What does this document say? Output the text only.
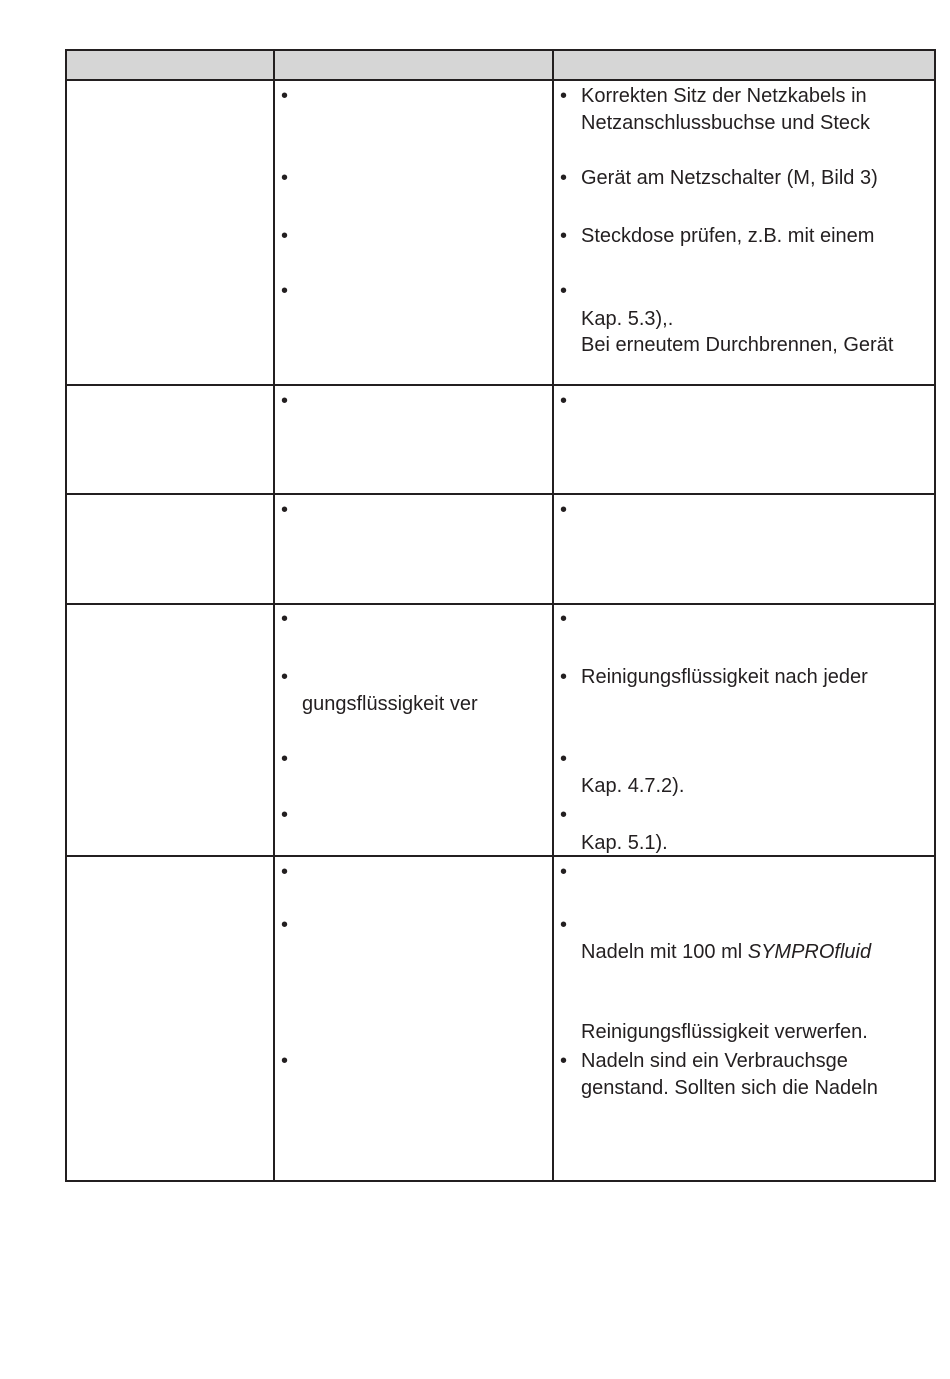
•
•
•
•
• Korrekten Sitz der Netzkabels in
Netzanschlussbuchse und Steck
• Gerät am Netzschalter (M, Bild 3)
• Steckdose prüfen, z.B. mit einem
•
Kap. 5.3),.
Bei erneutem Durchbrennen, Gerät
•	•
•	•
•
•
gungsflüssigkeit ver
•
•
•
• Reinigungsflüssigkeit nach jeder
•
Kap. 4.7.2).
•
Kap. 5.1).
•
•
•
•
•
Nadeln mit 100 ml SYMPROfluid
Reinigungsflüssigkeit verwerfen.
• Nadeln sind ein Verbrauchsge
genstand. Sollten sich die Nadeln
